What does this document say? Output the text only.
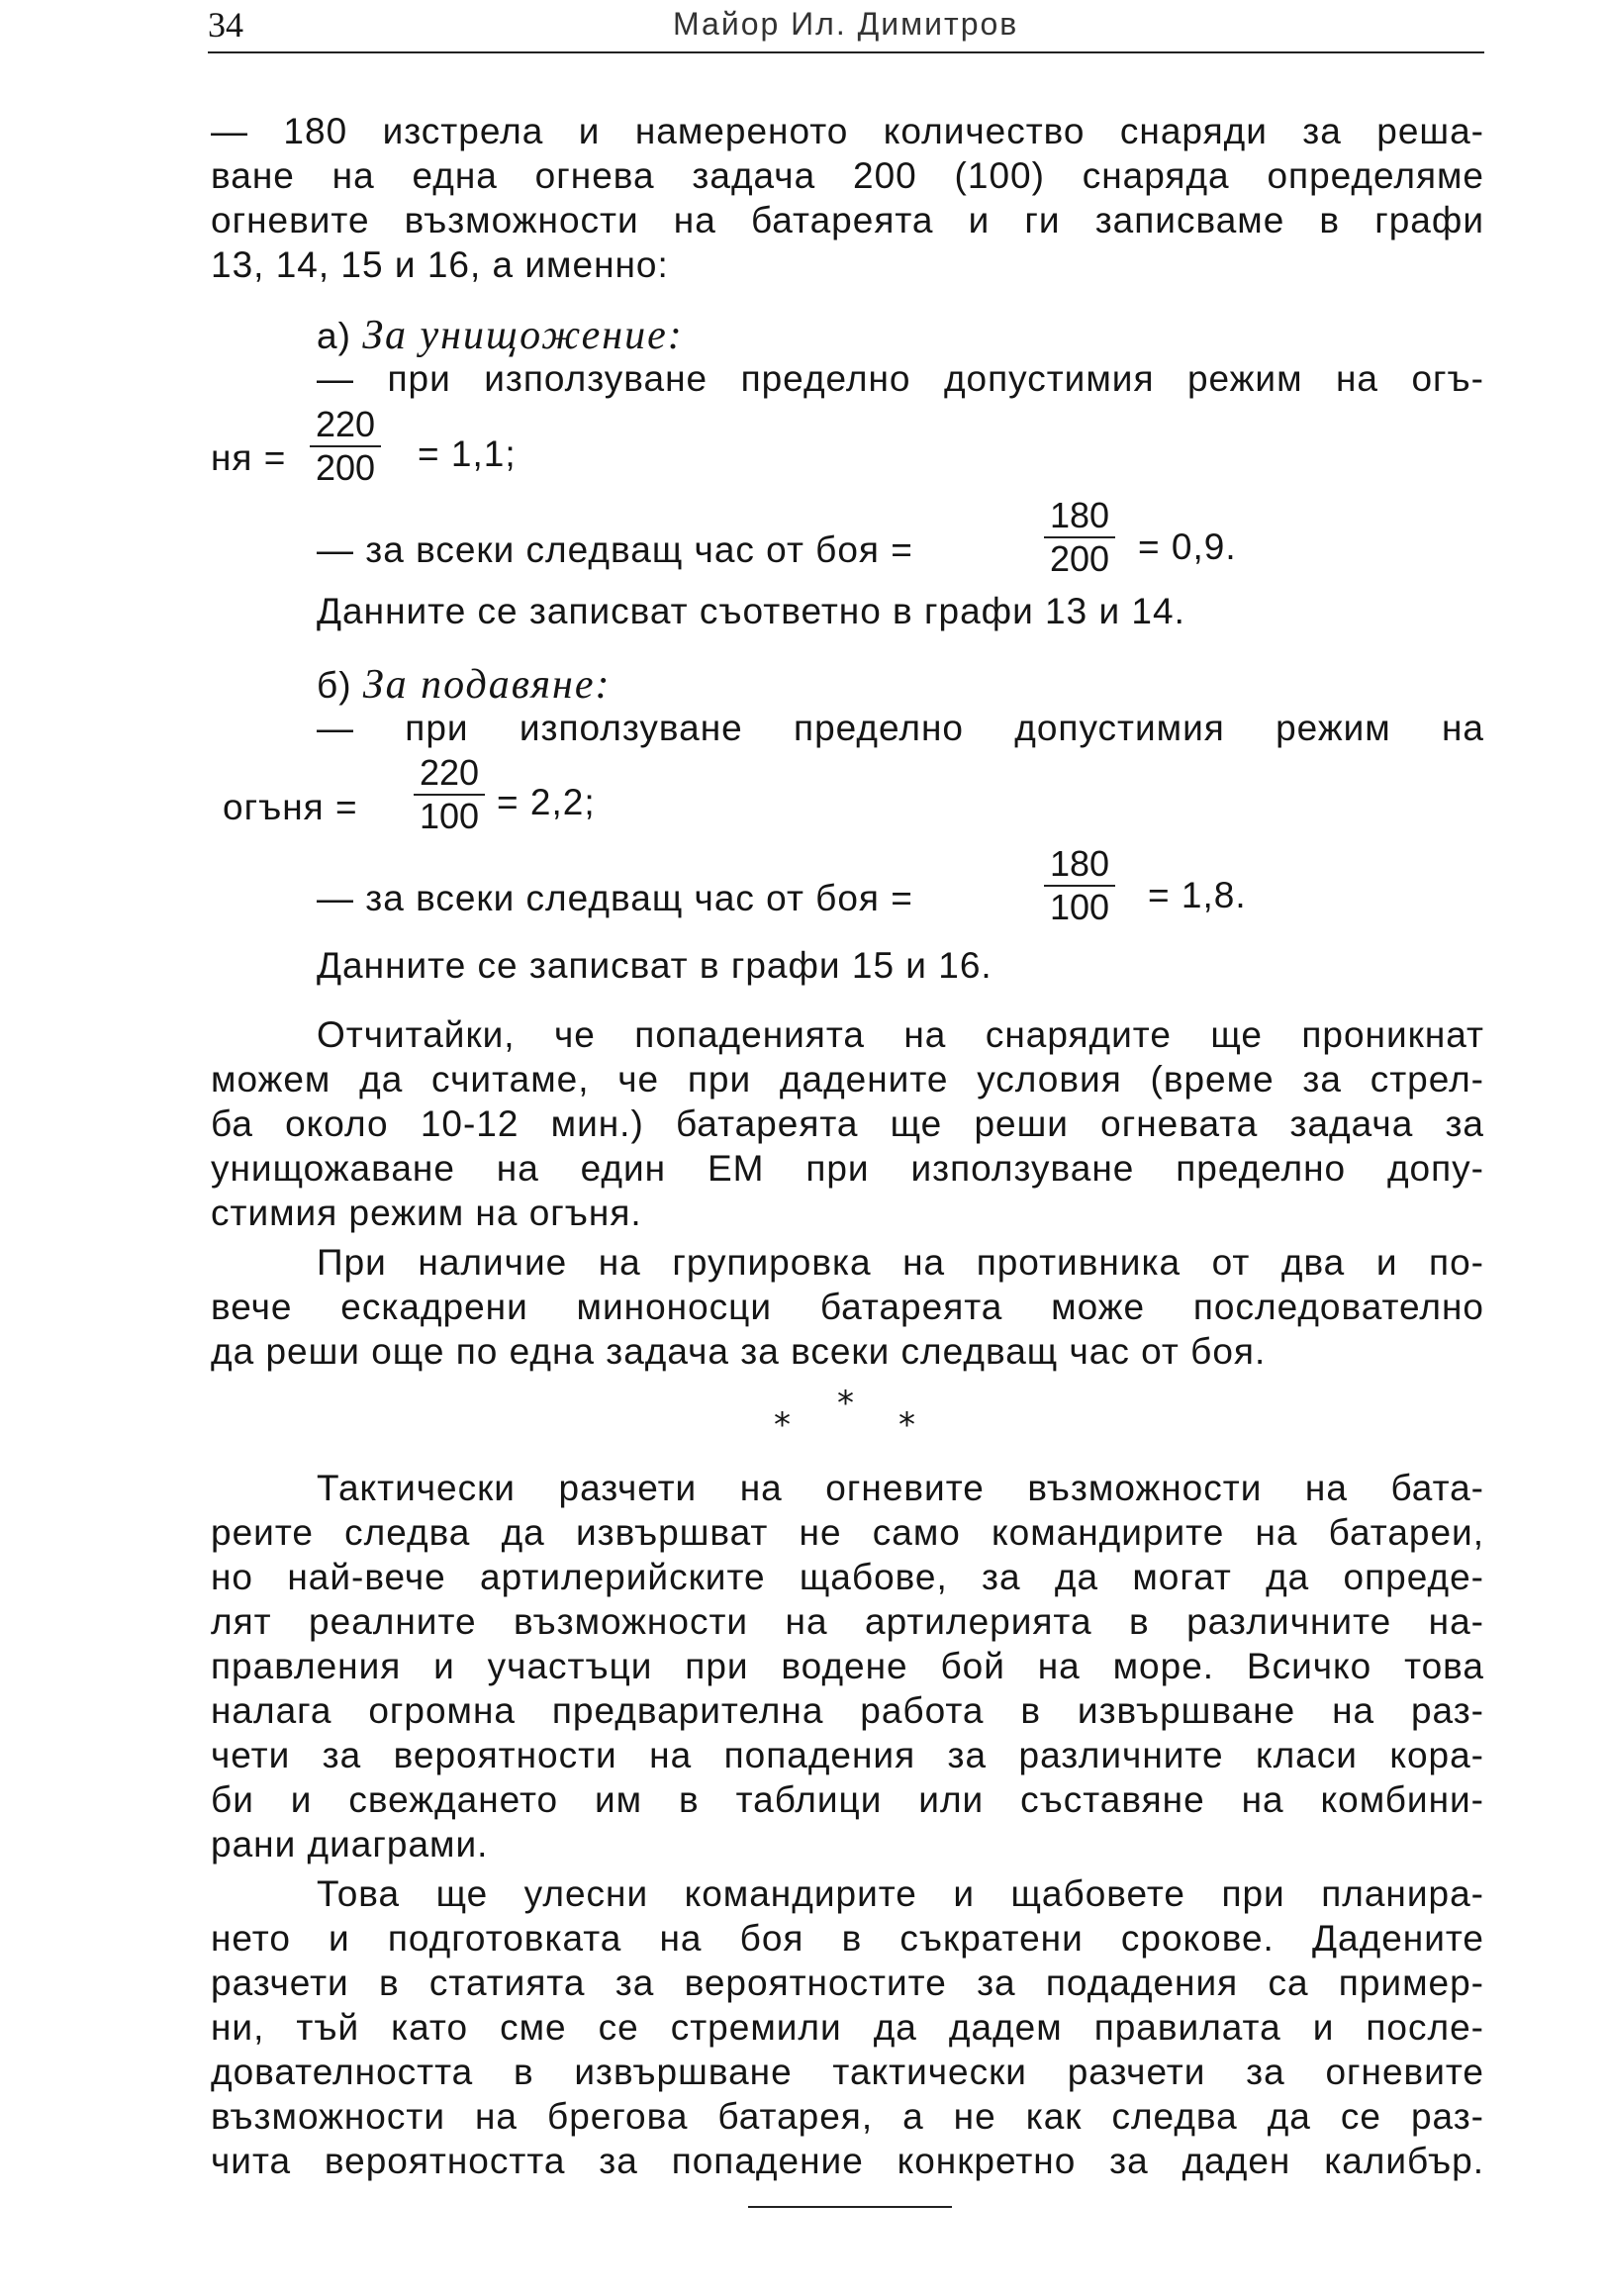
34	Майор Ил. Димитров
— 180 изстрела и намереното количество снаряди за реша-
ване на една огнева задача 200 (100) снаряда определяме
огневите възможности на батареята и ги записваме в графи
13, 14, 15 и 16, а именно:
а) За унищожение:
— при използуване пределно допустимия режим на огъ-
ня = $\frac{220}{200} = 1,1$;
— за всеки следващ час от боя =	$\frac{180}{200} = 0,9$.
Данните се записват съответно в графи 13 и 14.
б) За подавяне:
— при използуване пределно допустимия режим на
огъня = $\frac{220}{100} = 2,2$;
— за всеки следващ час от боя =	$\frac{180}{100} = 1,8$.
Данните се записват в графи 15 и 16.
Отчитайки, че попаденията на снарядите ще проникнат
можем да считаме, че при дадените условия (време за стрел-
ба около 10-12 мин.) батареята ще реши огневата задача за
унищожаване на един ЕМ при използуване пределно допу-
стимия режим на огъня.
При наличие на групировка на противника от два и по-
вече ескадрени миноносци батареята може последователно
да реши още по една задача за всеки следващ час от боя.
*
*
*
Тактически разчети на огневите възможности на бата-
реите следва да извършват не само командирите на батареи,
но най-вече артилерийските щабове, за да могат да опреде-
лят реалните възможности на артилерията в различните на-
правления и участъци при водене бой на море. Всичко това
налага огромна предварителна работа в извършване на раз-
чети за вероятности на попадения за различните класи кора-
би и свеждането им в таблици или съставяне на комбини-
рани диаграми.
Това ще улесни командирите и щабовете при планира-
нето и подготовката на боя в съкратени срокове. Дадените
разчети в статията за вероятностите за подадения са пример-
ни, тъй като сме се стремили да дадем правилата и после-
дователността в извършване тактически разчети за огневите
възможности на брегова батарея, а не как следва да се раз-
чита вероятността за попадение конкретно за даден калибър.
